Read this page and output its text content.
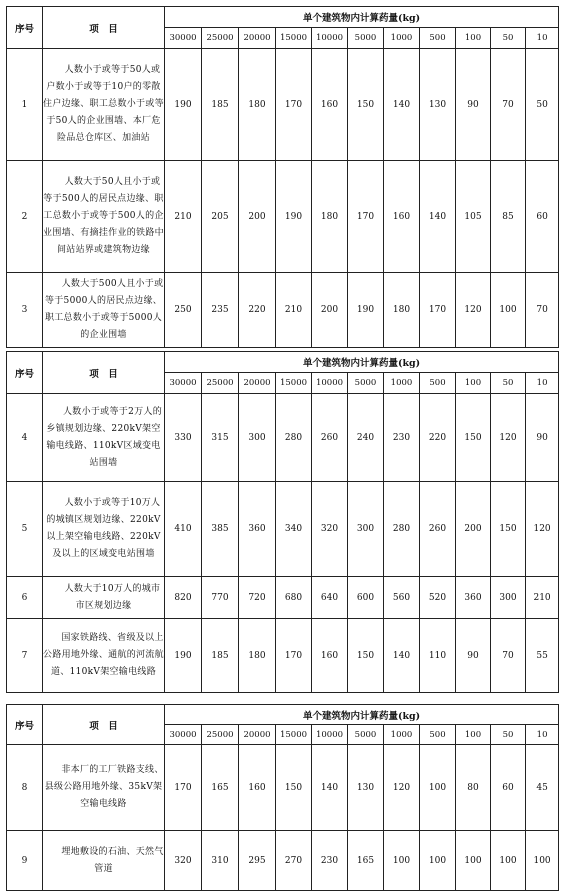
序号	项　目	单个建筑物内计算药量(kg)										
		30000	25000	20000	15000	10000	5000	1000	500	100	50	10
1	人数小于或等于50人或户数小于或等于10户的零散住户边缘、职工总数小于或等于50人的企业围墙、本厂危险品总仓库区、加油站	190	185	180	170	160	150	140	130	90	70	50
2	人数大于50人且小于或等于500人的居民点边缘、职工总数小于或等于500人的企业围墙、有摘挂作业的铁路中间站站界或建筑物边缘	210	205	200	190	180	170	160	140	105	85	60
3	人数大于500人且小于或等于5000人的居民点边缘、职工总数小于或等于5000人的企业围墙	250	235	220	210	200	190	180	170	120	100	70
序号	项　目	单个建筑物内计算药量(kg)										
		30000	25000	20000	15000	10000	5000	1000	500	100	50	10
4	人数小于或等于2万人的乡镇规划边缘、220kV架空输电线路、110kV区域变电站围墙	330	315	300	280	260	240	230	220	150	120	90
5	人数小于或等于10万人的城镇区规划边缘、220kV以上架空输电线路、220kV及以上的区域变电站围墙	410	385	360	340	320	300	280	260	200	150	120
6	人数大于10万人的城市市区规划边缘	820	770	720	680	640	600	560	520	360	300	210
7	国家铁路线、省级及以上公路用地外缘、通航的河流航道、110kV架空输电线路	190	185	180	170	160	150	140	110	90	70	55
序号	项　目	单个建筑物内计算药量(kg)										
		30000	25000	20000	15000	10000	5000	1000	500	100	50	10
8	非本厂的工厂铁路支线、县级公路用地外缘、35kV架空输电线路	170	165	160	150	140	130	120	100	80	60	45
9	埋地敷设的石油、天然气管道	320	310	295	270	230	165	100	100	100	100	100
